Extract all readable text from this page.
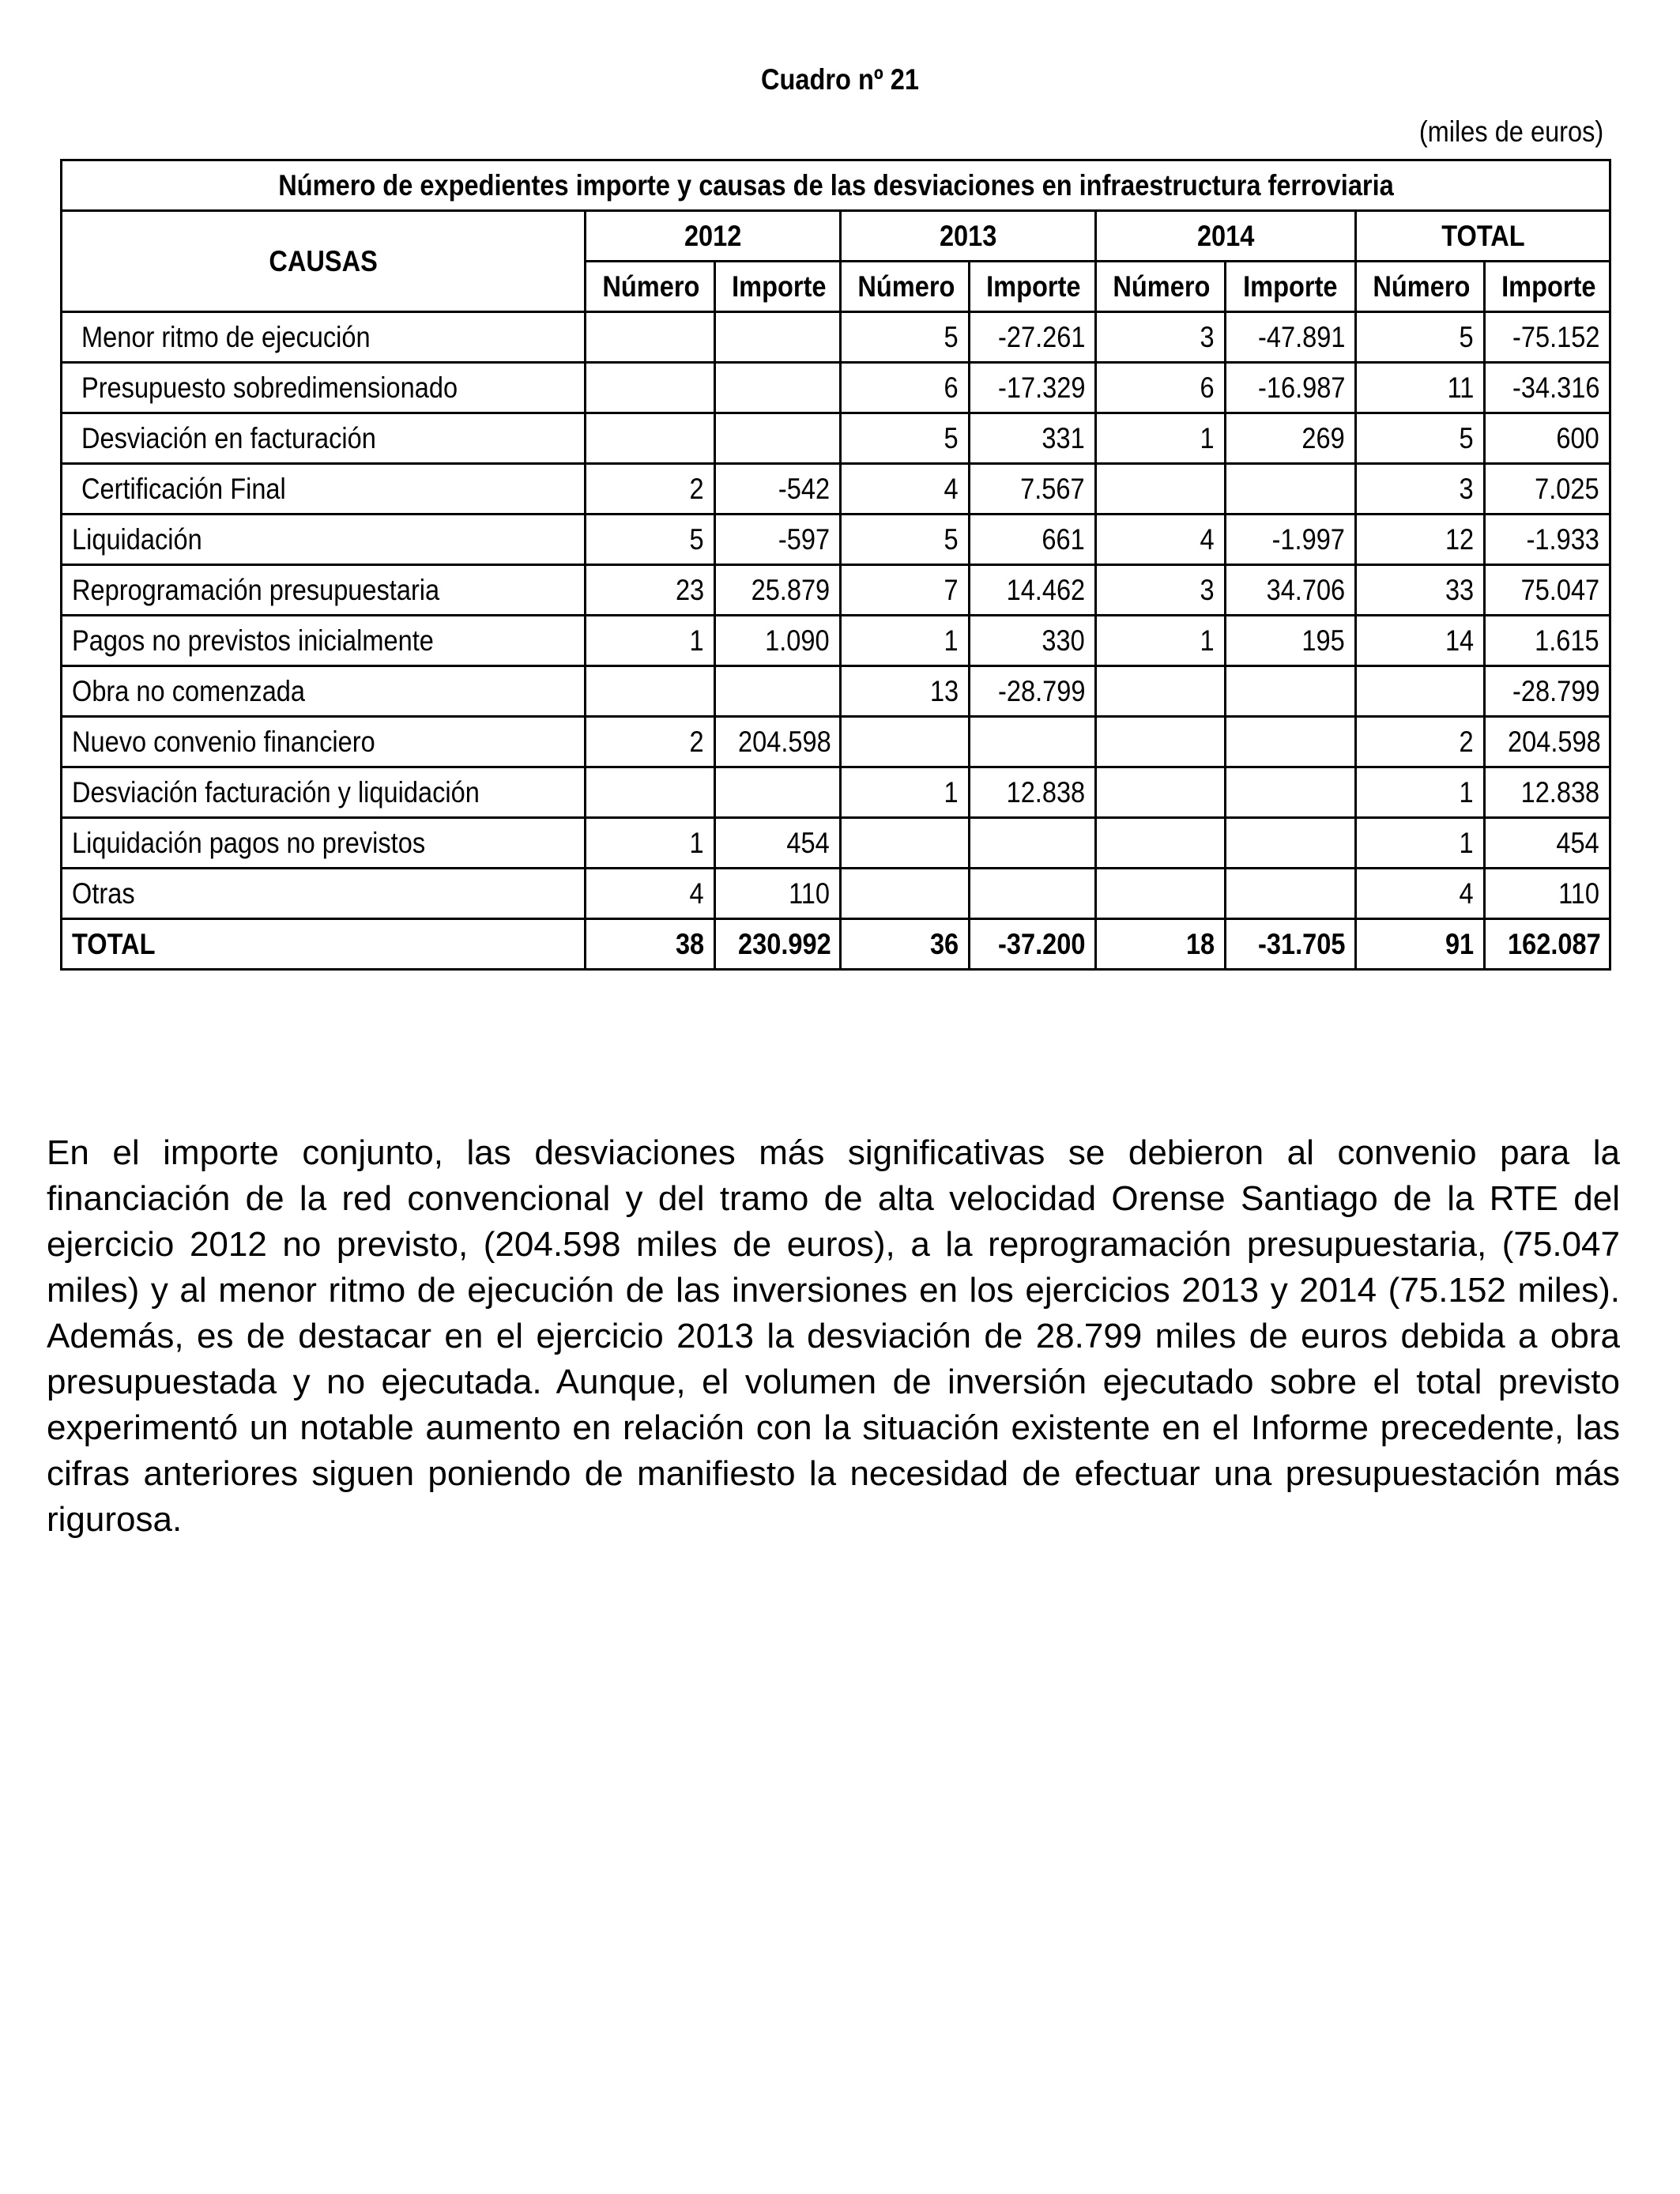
Cuadro nº 21
(miles de euros)
Número de expedientes importe y causas de las desviaciones en infraestructura ferroviaria								
CAUSAS	2012		2013		2014		TOTAL	
	Número	Importe	Número	Importe	Número	Importe	Número	Importe
Menor ritmo de ejecución			5	-27.261	3	-47.891	5	-75.152
Presupuesto sobredimensionado			6	-17.329	6	-16.987	11	-34.316
Desviación en facturación			5	331	1	269	5	600
Certificación Final	2	-542	4	7.567			3	7.025
Liquidación	5	-597	5	661	4	-1.997	12	-1.933
Reprogramación presupuestaria	23	25.879	7	14.462	3	34.706	33	75.047
Pagos no previstos inicialmente	1	1.090	1	330	1	195	14	1.615
Obra no comenzada			13	-28.799				-28.799
Nuevo convenio financiero	2	204.598					2	204.598
Desviación facturación y liquidación			1	12.838			1	12.838
Liquidación pagos no previstos	1	454					1	454
Otras	4	110					4	110
TOTAL	38	230.992	36	-37.200	18	-31.705	91	162.087

En el importe conjunto, las desviaciones más significativas se debieron al convenio para la financiación de la red convencional y del tramo de alta velocidad Orense Santiago de la RTE del ejercicio 2012 no previsto, (204.598 miles de euros), a la reprogramación presupuestaria, (75.047 miles) y al menor ritmo de ejecución de las inversiones en los ejercicios 2013 y 2014 (75.152 miles). Además, es de destacar en el ejercicio 2013 la desviación de 28.799 miles de euros debida a obra presupuestada y no ejecutada. Aunque, el volumen de inversión ejecutado sobre el total previsto experimentó un notable aumento en relación con la situación existente en el Informe precedente, las cifras anteriores siguen poniendo de manifiesto la necesidad de efectuar una presupuestación más rigurosa.
